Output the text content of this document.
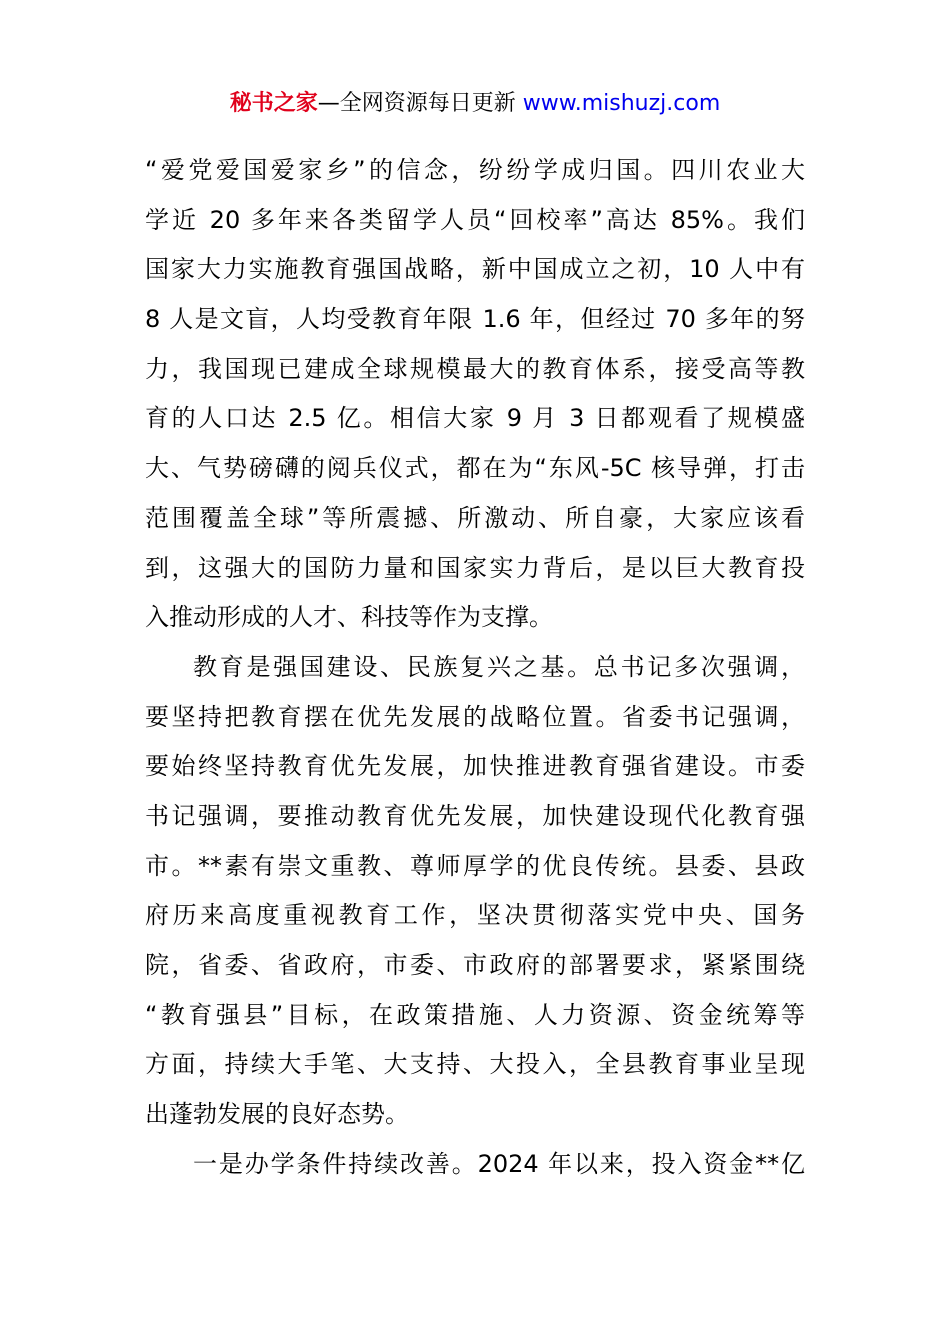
秘书之家—全网资源每日更新 www.mishuzj.com
“爱党爱国爱家乡”的信念，纷纷学成归国。四川农业大
学近 20 多年来各类留学人员“回校率”高达 85%。我们
国家大力实施教育强国战略，新中国成立之初，10 人中有
8 人是文盲，人均受教育年限 1.6 年，但经过 70 多年的努
力，我国现已建成全球规模最大的教育体系，接受高等教
育的人口达 2.5 亿。相信大家 9 月 3 日都观看了规模盛
大、气势磅礴的阅兵仪式，都在为“东风-5C 核导弹，打击
范围覆盖全球”等所震撼、所激动、所自豪，大家应该看
到，这强大的国防力量和国家实力背后，是以巨大教育投
入推动形成的人才、科技等作为支撑。
教育是强国建设、民族复兴之基。总书记多次强调，
要坚持把教育摆在优先发展的战略位置。省委书记强调，
要始终坚持教育优先发展，加快推进教育强省建设。市委
书记强调，要推动教育优先发展，加快建设现代化教育强
市。**素有崇文重教、尊师厚学的优良传统。县委、县政
府历来高度重视教育工作，坚决贯彻落实党中央、国务
院，省委、省政府，市委、市政府的部署要求，紧紧围绕
“教育强县”目标，在政策措施、人力资源、资金统筹等
方面，持续大手笔、大支持、大投入，全县教育事业呈现
出蓬勃发展的良好态势。
一是办学条件持续改善。2024 年以来，投入资金**亿
